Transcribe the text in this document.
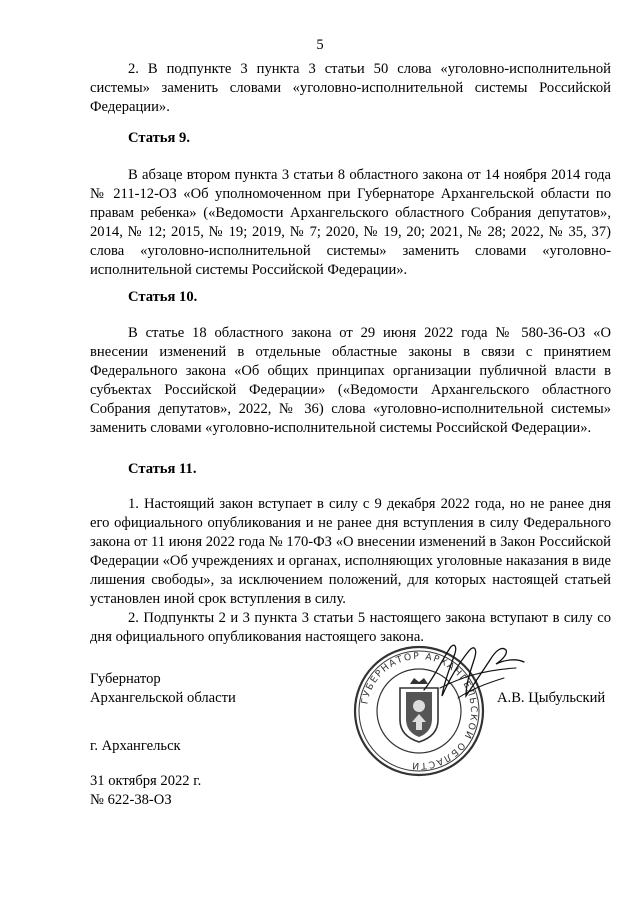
5

2. В подпункте 3 пункта 3 статьи 50 слова «уголовно-исполнительной системы» заменить словами «уголовно-исполнительной системы Российской Федерации».

Статья 9.

В абзаце втором пункта 3 статьи 8 областного закона от 14 ноября 2014 года № 211-12-ОЗ «Об уполномоченном при Губернаторе Архангельской области по правам ребенка» («Ведомости Архангельского областного Собрания депутатов», 2014, № 12; 2015, № 19; 2019, № 7; 2020, № 19, 20; 2021, № 28; 2022, № 35, 37) слова «уголовно-исполнительной системы» заменить словами «уголовно-исполнительной системы Российской Федерации».

Статья 10.

В статье 18 областного закона от 29 июня 2022 года № 580-36-ОЗ «О внесении изменений в отдельные областные законы в связи с принятием Федерального закона «Об общих принципах организации публичной власти в субъектах Российской Федерации» («Ведомости Архангельского областного Собрания депутатов», 2022, № 36) слова «уголовно-исполнительной системы» заменить словами «уголовно-исполнительной системы Российской Федерации».

Статья 11.

1. Настоящий закон вступает в силу с 9 декабря 2022 года, но не ранее дня его официального опубликования и не ранее дня вступления в силу Федерального закона от 11 июня 2022 года № 170-ФЗ «О внесении изменений в Закон Российской Федерации «Об учреждениях и органах, исполняющих уголовные наказания в виде лишения свободы», за исключением положений, для которых настоящей статьей установлен иной срок вступления в силу.

2. Подпункты 2 и 3 пункта 3 статьи 5 настоящего закона вступают в силу со дня официального опубликования настоящего закона.

Губернатор
Архангельской области	А.В. Цыбульский
ГУБЕРНАТОР АРХАНГЕЛЬСКОЙ ОБЛАСТИ
г. Архангельск
31 октября 2022 г.
№ 622-38-ОЗ
